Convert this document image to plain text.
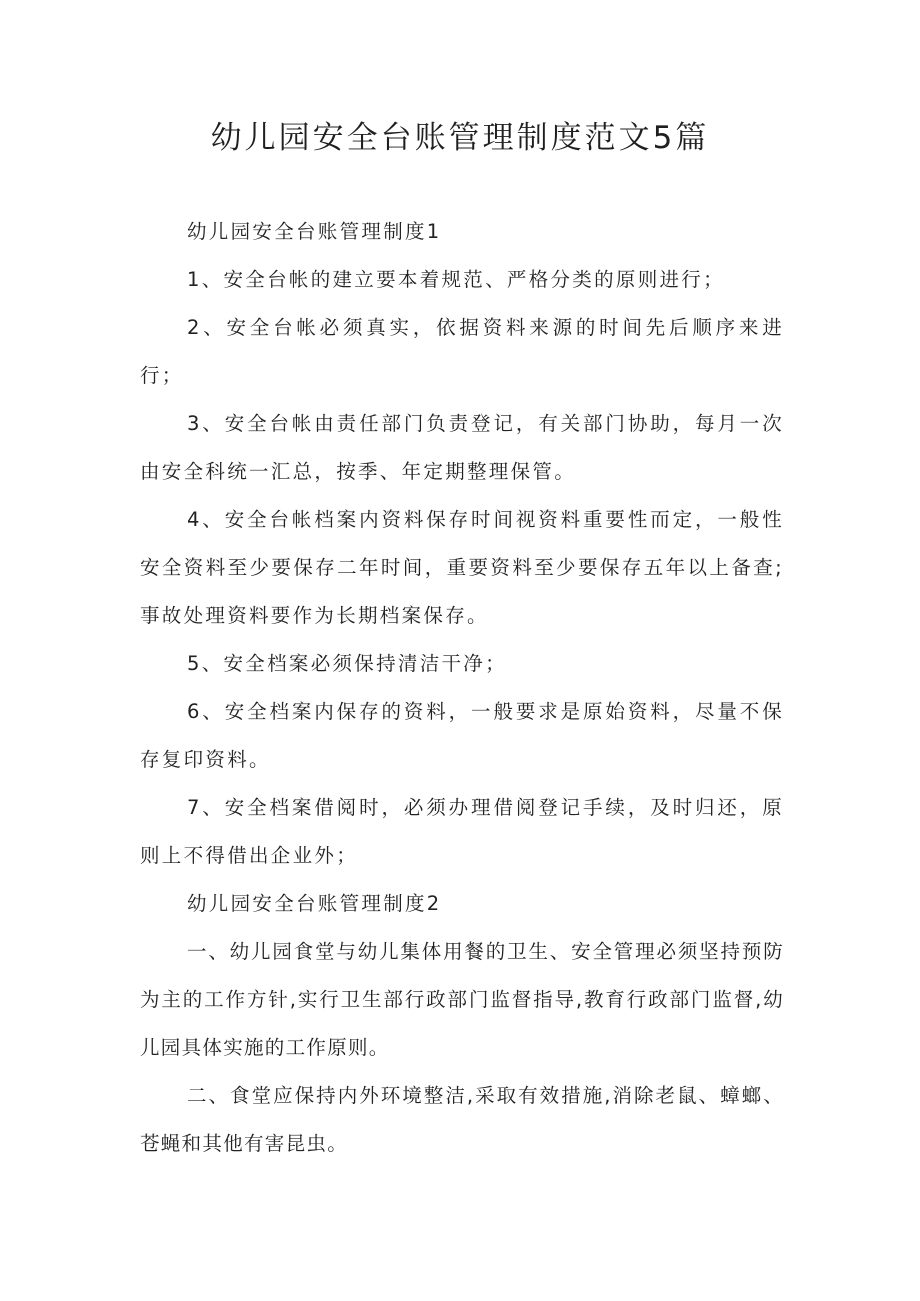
幼儿园安全台账管理制度范文5篇

幼儿园安全台账管理制度1

1、安全台帐的建立要本着规范、严格分类的原则进行；

2、安全台帐必须真实，依据资料来源的时间先后顺序来进行；

3、安全台帐由责任部门负责登记，有关部门协助，每月一次由安全科统一汇总，按季、年定期整理保管。

4、安全台帐档案内资料保存时间视资料重要性而定，一般性安全资料至少要保存二年时间，重要资料至少要保存五年以上备查;事故处理资料要作为长期档案保存。

5、安全档案必须保持清洁干净；

6、安全档案内保存的资料，一般要求是原始资料，尽量不保存复印资料。

7、安全档案借阅时，必须办理借阅登记手续，及时归还，原则上不得借出企业外；

幼儿园安全台账管理制度2

一、幼儿园食堂与幼儿集体用餐的卫生、安全管理必须坚持预防为主的工作方针,实行卫生部行政部门监督指导,教育行政部门监督,幼儿园具体实施的工作原则。

二、食堂应保持内外环境整洁,采取有效措施,消除老鼠、蟑螂、苍蝇和其他有害昆虫。
